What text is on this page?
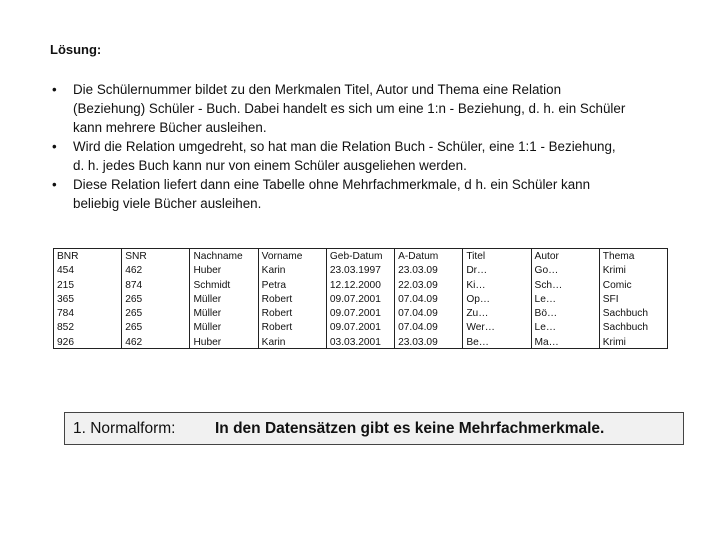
Lösung:
• Die Schülernummer bildet zu den Merkmalen Titel, Autor und Thema eine Relation
(Beziehung) Schüler - Buch. Dabei handelt es sich um eine 1:n - Beziehung, d. h. ein Schüler
kann mehrere Bücher ausleihen.
• Wird die Relation umgedreht, so hat man die Relation Buch - Schüler, eine 1:1 - Beziehung,
d. h. jedes Buch kann nur von einem Schüler ausgeliehen werden.
• Diese Relation liefert dann eine Tabelle ohne Mehrfachmerkmale, d h. ein Schüler kann
beliebig viele Bücher ausleihen.
BNR
454
215
365
784
852
926
SNR
462
874
265
265
265
462
Nachname
Huber
Schmidt
Müller
Müller
Müller
Huber
Vorname
Karin
Petra
Robert
Robert
Robert
Karin
Geb-Datum
23.03.1997
12.12.2000
09.07.2001
09.07.2001
09.07.2001
03.03.2001
A-Datum
23.03.09
22.03.09
07.04.09
07.04.09
07.04.09
23.03.09
Titel
Dr…
Ki…
Op…
Zu…
Wer…
Be…
Autor
Go…
Sch…
Le…
Bö…
Le…
Ma…
Thema
Krimi
Comic
SFI
Sachbuch
Sachbuch
Krimi
1. Normalform:	In den Datensätzen gibt es keine Mehrfachmerkmale.
